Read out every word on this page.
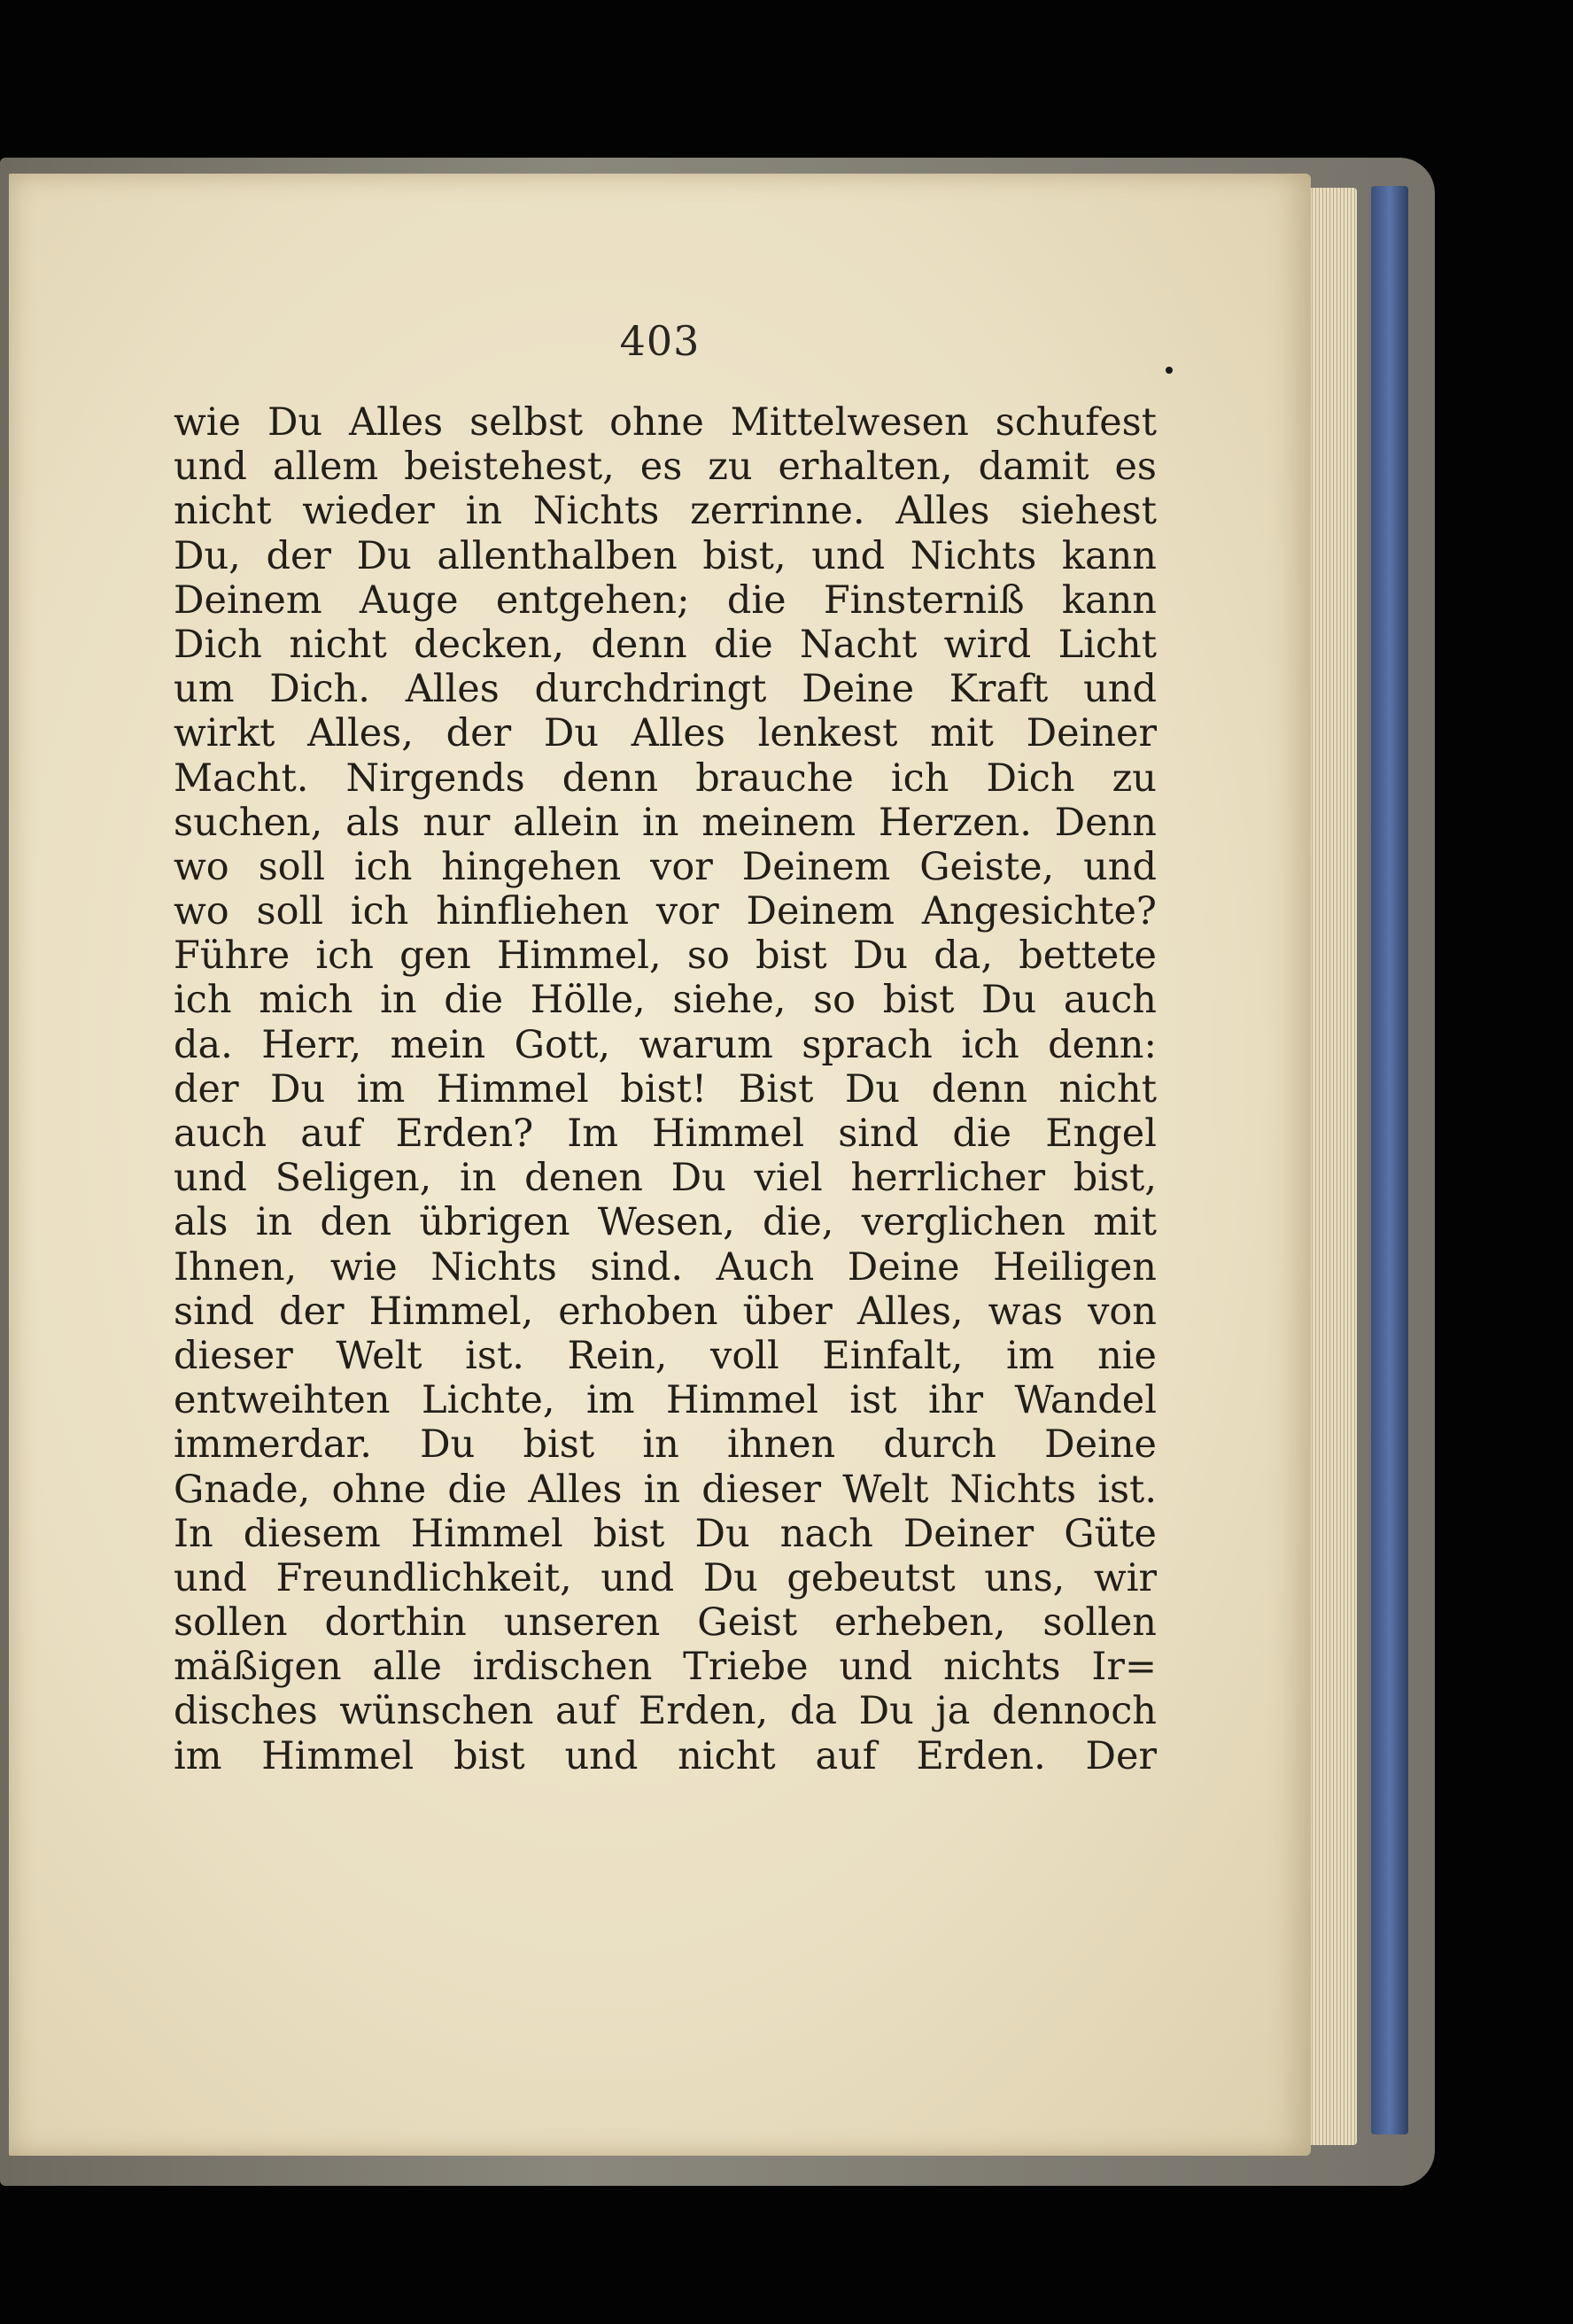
403
wie Du Alles selbst ohne Mittelwesen schufest
und allem beistehest, es zu erhalten, damit es
nicht wieder in Nichts zerrinne. Alles siehest
Du, der Du allenthalben bist, und Nichts kann
Deinem Auge entgehen; die Finsterniß kann
Dich nicht decken, denn die Nacht wird Licht
um Dich. Alles durchdringt Deine Kraft und
wirkt Alles, der Du Alles lenkest mit Deiner
Macht. Nirgends denn brauche ich Dich zu
suchen, als nur allein in meinem Herzen. Denn
wo soll ich hingehen vor Deinem Geiste, und
wo soll ich hinfliehen vor Deinem Angesichte?
Führe ich gen Himmel, so bist Du da, bettete
ich mich in die Hölle, siehe, so bist Du auch
da. Herr, mein Gott, warum sprach ich denn:
der Du im Himmel bist! Bist Du denn nicht
auch auf Erden? Im Himmel sind die Engel
und Seligen, in denen Du viel herrlicher bist,
als in den übrigen Wesen, die, verglichen mit
Ihnen, wie Nichts sind. Auch Deine Heiligen
sind der Himmel, erhoben über Alles, was von
dieser Welt ist. Rein, voll Einfalt, im nie
entweihten Lichte, im Himmel ist ihr Wandel
immerdar. Du bist in ihnen durch Deine
Gnade, ohne die Alles in dieser Welt Nichts ist.
In diesem Himmel bist Du nach Deiner Güte
und Freundlichkeit, und Du gebeutst uns, wir
sollen dorthin unseren Geist erheben, sollen
mäßigen alle irdischen Triebe und nichts Ir=
disches wünschen auf Erden, da Du ja dennoch
im Himmel bist und nicht auf Erden. Der
